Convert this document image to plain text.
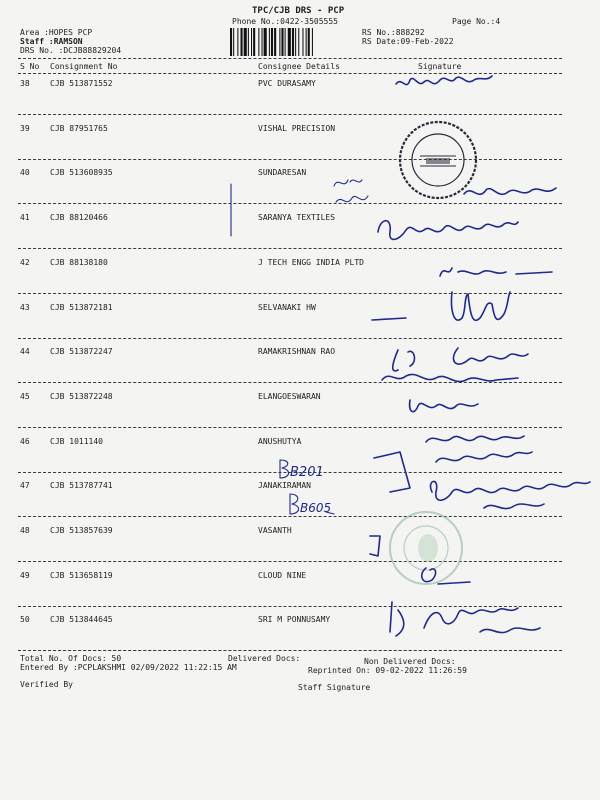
TPC/CJB DRS - PCP
Phone No.:0422-3505555	Page No.:4
Area :HOPES PCP
Staff :RAMSON
DRS No. :DCJB88829204
RS No.:888292
RS Date:09-Feb-2022
S No Consignment No	Consignee Details	Signature
38	CJB 513871552	PVC DURASAMY
39	CJB 87951765	VISHAL PRECISION
40	CJB 513608935	SUNDARESAN
41	CJB 88120466	SARANYA TEXTILES
42	CJB 88138180	J TECH ENGG INDIA PLTD
43	CJB 513872181	SELVANAKI HW
44	CJB 513872247	RAMAKRISHNAN RAO
45	CJB 513872248	ELANGOESWARAN
46	CJB 1011140	ANUSHUTYA
47	CJB 513787741	JANAKIRAMAN
48	CJB 513857639	VASANTH
49	CJB 513658119	CLOUD NINE
50	CJB 513844645	SRI M PONNUSAMY
Total No. Of Docs: 50	Delivered Docs:	Non Delivered Docs:
Entered By :PCPLAKSHMI 02/09/2022 11:22:15 AM	Reprinted On: 09-02-2022 11:26:59
Verified By	Staff Signature
B201
B605
